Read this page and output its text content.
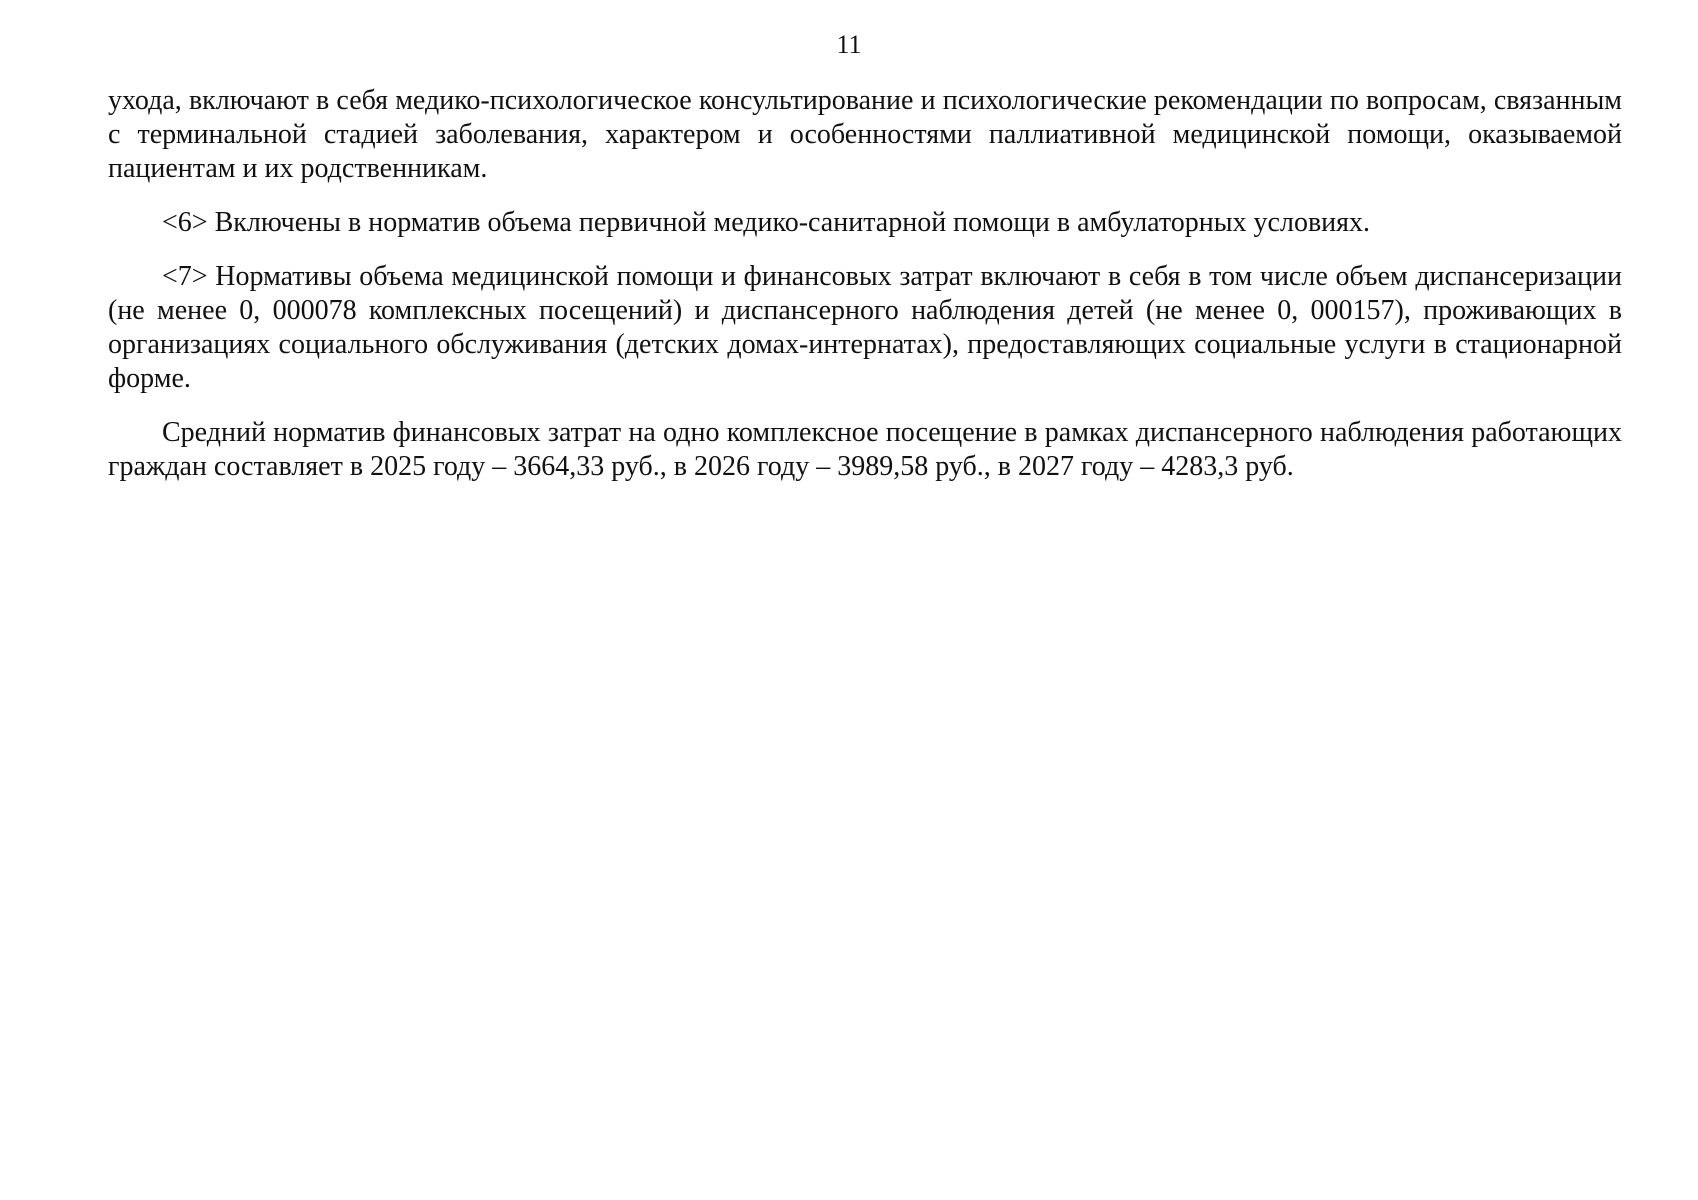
11

ухода, включают в себя медико-психологическое консультирование и психологические рекомендации по вопросам, связанным с терминальной стадией заболевания, характером и особенностями паллиативной медицинской помощи, оказываемой пациентам и их родственникам.

<6> Включены в норматив объема первичной медико-санитарной помощи в амбулаторных условиях.

<7> Нормативы объема медицинской помощи и финансовых затрат включают в себя в том числе объем диспансеризации (не менее 0, 000078 комплексных посещений) и диспансерного наблюдения детей (не менее 0, 000157), проживающих в организациях социального обслуживания (детских домах-интернатах), предоставляющих социальные услуги в стационарной форме.

Средний норматив финансовых затрат на одно комплексное посещение в рамках диспансерного наблюдения работающих граждан составляет в 2025 году – 3664,33 руб., в 2026 году – 3989,58 руб., в 2027 году – 4283,3 руб.
